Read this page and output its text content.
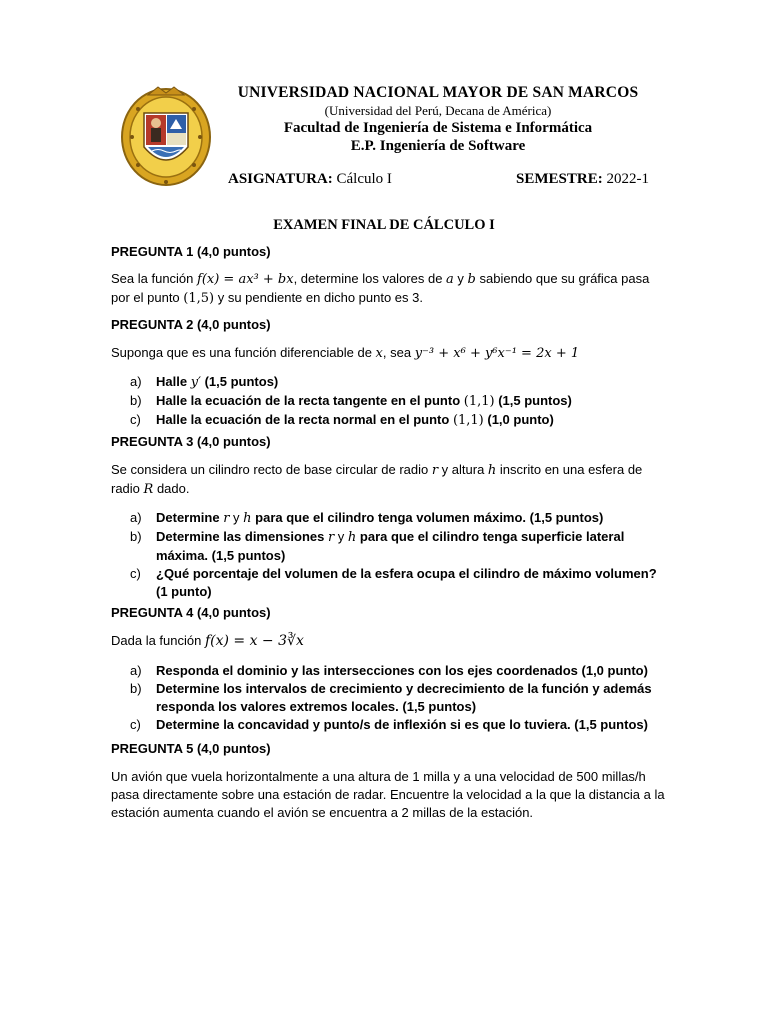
UNIVERSIDAD NACIONAL MAYOR DE SAN MARCOS
(Universidad del Perú, Decana de América)
Facultad de Ingeniería de Sistema e Informática
E.P. Ingeniería de Software
ASIGNATURA: Cálculo I	SEMESTRE: 2022-1
EXAMEN FINAL DE CÁLCULO I
PREGUNTA 1 (4,0 puntos)
Sea la función f(x) = ax³ + bx, determine los valores de a y b sabiendo que su gráfica pasa por el punto (1,5) y su pendiente en dicho punto es 3.
PREGUNTA 2 (4,0 puntos)
Suponga que es una función diferenciable de x, sea y⁻³ + x⁶ + y⁶x⁻¹ = 2x + 1
a) Halle y′ (1,5 puntos)
b) Halle la ecuación de la recta tangente en el punto (1,1) (1,5 puntos)
c) Halle la ecuación de la recta normal en el punto (1,1) (1,0 punto)
PREGUNTA 3 (4,0 puntos)
Se considera un cilindro recto de base circular de radio r y altura h inscrito en una esfera de radio R dado.
a) Determine r y h para que el cilindro tenga volumen máximo. (1,5 puntos)
b) Determine las dimensiones r y h para que el cilindro tenga superficie lateral máxima. (1,5 puntos)
c) ¿Qué porcentaje del volumen de la esfera ocupa el cilindro de máximo volumen? (1 punto)
PREGUNTA 4 (4,0 puntos)
Dada la función f(x) = x − 3∛x
a) Responda el dominio y las intersecciones con los ejes coordenados (1,0 punto)
b) Determine los intervalos de crecimiento y decrecimiento de la función y además responda los valores extremos locales. (1,5 puntos)
c) Determine la concavidad y punto/s de inflexión si es que lo tuviera. (1,5 puntos)
PREGUNTA 5 (4,0 puntos)
Un avión que vuela horizontalmente a una altura de 1 milla y a una velocidad de 500 millas/h pasa directamente sobre una estación de radar. Encuentre la velocidad a la que la distancia a la estación aumenta cuando el avión se encuentra a 2 millas de la estación.
